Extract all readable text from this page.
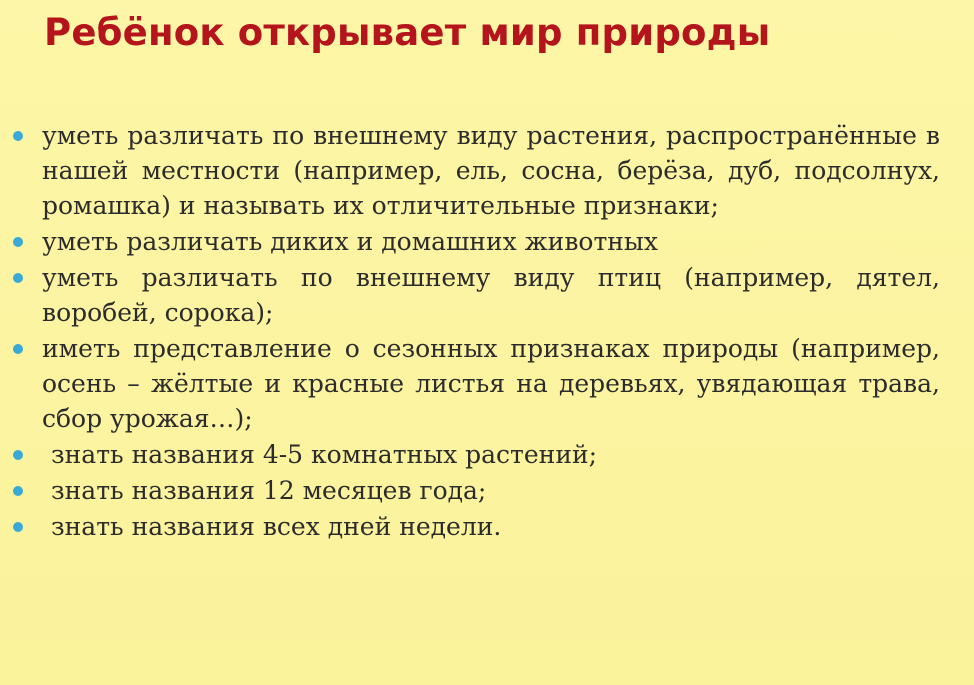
Ребёнок открывает мир природы
уметь различать по внешнему виду растения, распространённые в нашей местности (например, ель, сосна, берёза, дуб, подсолнух, ромашка) и называть их отличительные признаки;
уметь различать диких и домашних животных
уметь различать по внешнему виду птиц (например, дятел, воробей, сорока);
иметь представление о сезонных признаках природы (например, осень – жёлтые и красные листья на деревьях, увядающая трава, сбор урожая…);
знать названия 4-5 комнатных растений;
знать названия 12 месяцев года;
знать названия всех дней недели.
